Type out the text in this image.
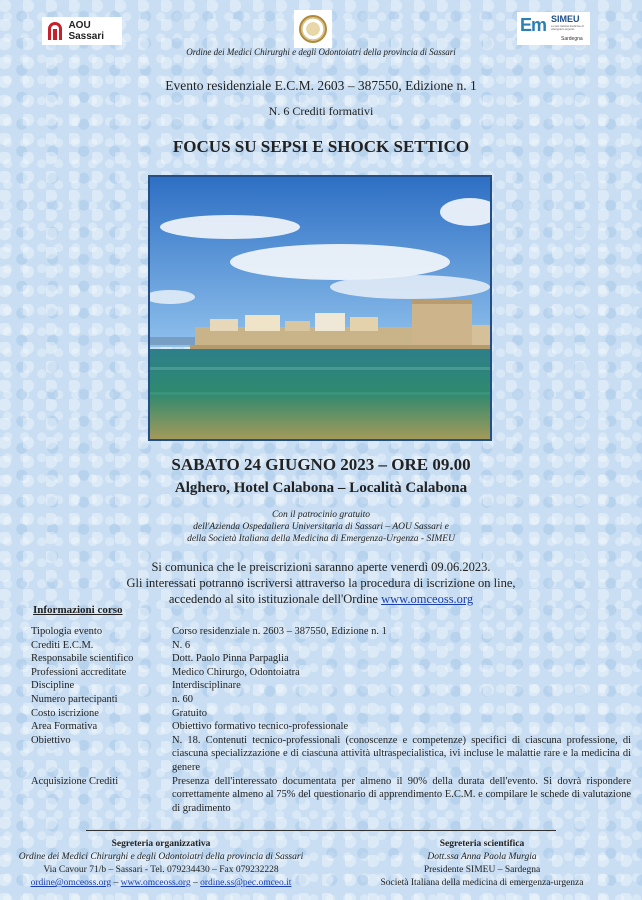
AOU Sassari
Em SIMEU
società italiana medicina di emergenza-urgenza
Sardegna
Ordine dei Medici Chirurghi e degli Odontoiatri della provincia di Sassari
Evento residenziale E.C.M. 2603 – 387550, Edizione n. 1
N. 6 Crediti formativi
FOCUS SU SEPSI E SHOCK SETTICO
SABATO 24 GIUGNO 2023 – ORE 09.00
Alghero, Hotel Calabona – Località Calabona
Con il patrocinio gratuito
dell'Azienda Ospedaliera Universitaria di Sassari – AOU Sassari e
della Società Italiana della Medicina di Emergenza-Urgenza - SIMEU
Si comunica che le preiscrizioni saranno aperte venerdì 09.06.2023.
Gli interessati potranno iscriversi attraverso la procedura di iscrizione on line,
accedendo al sito istituzionale dell'Ordine www.omceoss.org
Informazioni corso
Tipologia evento	Corso residenziale n. 2603 – 387550, Edizione n. 1
Crediti E.C.M.	N. 6
Responsabile scientifico	Dott. Paolo Pinna Parpaglia
Professioni accreditate	Medico Chirurgo, Odontoiatra
Discipline	Interdisciplinare
Numero partecipanti	n. 60
Costo iscrizione	Gratuito
Area Formativa	Obiettivo formativo tecnico-professionale
Obiettivo	N. 18. Contenuti tecnico-professionali (conoscenze e competenze) specifici di ciascuna professione, di ciascuna specializzazione e di ciascuna attività ultraspecialistica, ivi incluse le malattie rare e la medicina di genere
Acquisizione Crediti	Presenza dell'interessato documentata per almeno il 90% della durata dell'evento. Si dovrà rispondere correttamente almeno al 75% del questionario di apprendimento E.C.M. e compilare le schede di valutazione di gradimento
Segreteria organizzativa
Ordine dei Medici Chirurghi e degli Odontoiatri della provincia di Sassari
Via Cavour 71/b – Sassari - Tel. 079234430 – Fax 079232228
ordine@omceoss.org – www.omceoss.org – ordine.ss@pec.omceo.it
Segreteria scientifica
Dott.ssa Anna Paola Murgia
Presidente SIMEU – Sardegna
Società Italiana della medicina di emergenza-urgenza
